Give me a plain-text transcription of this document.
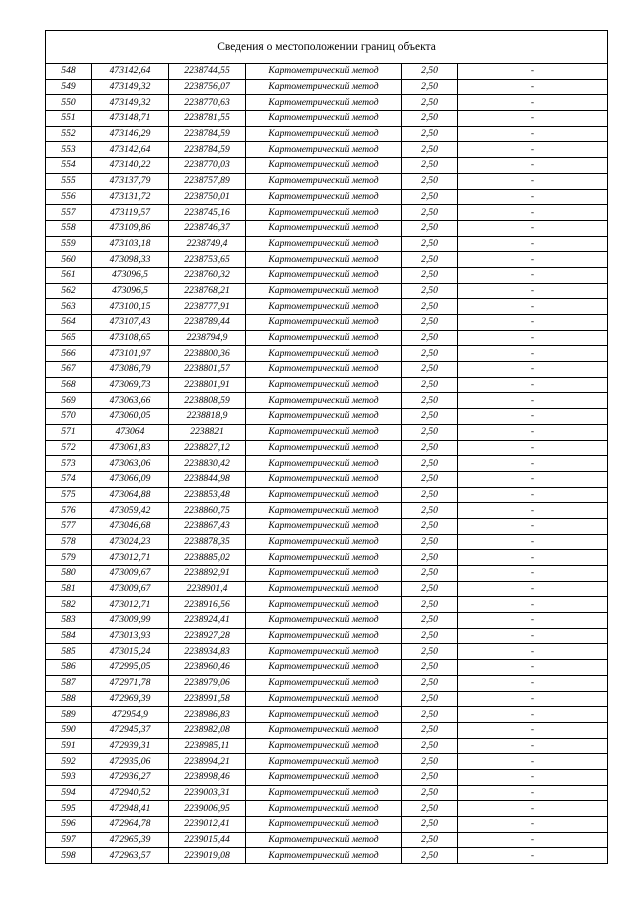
Сведения о местоположении границ объекта
548	473142,64	2238744,55	Картометрический метод	2,50	-
549	473149,32	2238756,07	Картометрический метод	2,50	-
550	473149,32	2238770,63	Картометрический метод	2,50	-
551	473148,71	2238781,55	Картометрический метод	2,50	-
552	473146,29	2238784,59	Картометрический метод	2,50	-
553	473142,64	2238784,59	Картометрический метод	2,50	-
554	473140,22	2238770,03	Картометрический метод	2,50	-
555	473137,79	2238757,89	Картометрический метод	2,50	-
556	473131,72	2238750,01	Картометрический метод	2,50	-
557	473119,57	2238745,16	Картометрический метод	2,50	-
558	473109,86	2238746,37	Картометрический метод	2,50	-
559	473103,18	2238749,4	Картометрический метод	2,50	-
560	473098,33	2238753,65	Картометрический метод	2,50	-
561	473096,5	2238760,32	Картометрический метод	2,50	-
562	473096,5	2238768,21	Картометрический метод	2,50	-
563	473100,15	2238777,91	Картометрический метод	2,50	-
564	473107,43	2238789,44	Картометрический метод	2,50	-
565	473108,65	2238794,9	Картометрический метод	2,50	-
566	473101,97	2238800,36	Картометрический метод	2,50	-
567	473086,79	2238801,57	Картометрический метод	2,50	-
568	473069,73	2238801,91	Картометрический метод	2,50	-
569	473063,66	2238808,59	Картометрический метод	2,50	-
570	473060,05	2238818,9	Картометрический метод	2,50	-
571	473064	2238821	Картометрический метод	2,50	-
572	473061,83	2238827,12	Картометрический метод	2,50	-
573	473063,06	2238830,42	Картометрический метод	2,50	-
574	473066,09	2238844,98	Картометрический метод	2,50	-
575	473064,88	2238853,48	Картометрический метод	2,50	-
576	473059,42	2238860,75	Картометрический метод	2,50	-
577	473046,68	2238867,43	Картометрический метод	2,50	-
578	473024,23	2238878,35	Картометрический метод	2,50	-
579	473012,71	2238885,02	Картометрический метод	2,50	-
580	473009,67	2238892,91	Картометрический метод	2,50	-
581	473009,67	2238901,4	Картометрический метод	2,50	-
582	473012,71	2238916,56	Картометрический метод	2,50	-
583	473009,99	2238924,41	Картометрический метод	2,50	-
584	473013,93	2238927,28	Картометрический метод	2,50	-
585	473015,24	2238934,83	Картометрический метод	2,50	-
586	472995,05	2238960,46	Картометрический метод	2,50	-
587	472971,78	2238979,06	Картометрический метод	2,50	-
588	472969,39	2238991,58	Картометрический метод	2,50	-
589	472954,9	2238986,83	Картометрический метод	2,50	-
590	472945,37	2238982,08	Картометрический метод	2,50	-
591	472939,31	2238985,11	Картометрический метод	2,50	-
592	472935,06	2238994,21	Картометрический метод	2,50	-
593	472936,27	2238998,46	Картометрический метод	2,50	-
594	472940,52	2239003,31	Картометрический метод	2,50	-
595	472948,41	2239006,95	Картометрический метод	2,50	-
596	472964,78	2239012,41	Картометрический метод	2,50	-
597	472965,39	2239015,44	Картометрический метод	2,50	-
598	472963,57	2239019,08	Картометрический метод	2,50	-
